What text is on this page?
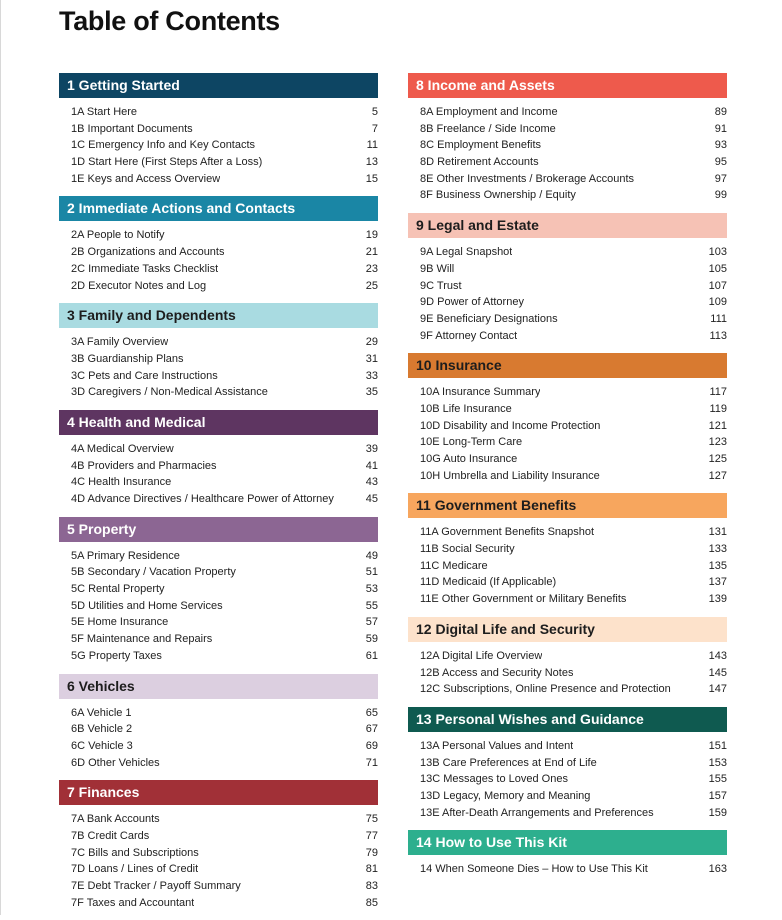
Table of Contents
1 Getting Started
1A Start Here	5
1B Important Documents	7
1C Emergency Info and Key Contacts	11
1D Start Here (First Steps After a Loss)	13
1E Keys and Access Overview	15
2 Immediate Actions and Contacts
2A People to Notify	19
2B Organizations and Accounts	21
2C Immediate Tasks Checklist	23
2D Executor Notes and Log	25
3 Family and Dependents
3A Family Overview	29
3B Guardianship Plans	31
3C Pets and Care Instructions	33
3D Caregivers / Non-Medical Assistance	35
4 Health and Medical
4A Medical Overview	39
4B Providers and Pharmacies	41
4C Health Insurance	43
4D Advance Directives / Healthcare Power of Attorney	45
5 Property
5A Primary Residence	49
5B Secondary / Vacation Property	51
5C Rental Property	53
5D Utilities and Home Services	55
5E Home Insurance	57
5F Maintenance and Repairs	59
5G Property Taxes	61
6 Vehicles
6A Vehicle 1	65
6B Vehicle 2	67
6C Vehicle 3	69
6D Other Vehicles	71
7 Finances
7A Bank Accounts	75
7B Credit Cards	77
7C Bills and Subscriptions	79
7D Loans / Lines of Credit	81
7E Debt Tracker / Payoff Summary	83
7F Taxes and Accountant	85
8 Income and Assets
8A Employment and Income	89
8B Freelance / Side Income	91
8C Employment Benefits	93
8D Retirement Accounts	95
8E Other Investments / Brokerage Accounts	97
8F Business Ownership / Equity	99
9 Legal and Estate
9A Legal Snapshot	103
9B Will	105
9C Trust	107
9D Power of Attorney	109
9E Beneficiary Designations	111
9F Attorney Contact	113
10 Insurance
10A Insurance Summary	117
10B Life Insurance	119
10D Disability and Income Protection	121
10E Long-Term Care	123
10G Auto Insurance	125
10H Umbrella and Liability Insurance	127
11 Government Benefits
11A Government Benefits Snapshot	131
11B Social Security	133
11C Medicare	135
11D Medicaid (If Applicable)	137
11E Other Government or Military Benefits	139
12 Digital Life and Security
12A Digital Life Overview	143
12B Access and Security Notes	145
12C Subscriptions, Online Presence and Protection	147
13 Personal Wishes and Guidance
13A Personal Values and Intent	151
13B Care Preferences at End of Life	153
13C Messages to Loved Ones	155
13D Legacy, Memory and Meaning	157
13E After-Death Arrangements and Preferences	159
14 How to Use This Kit
14 When Someone Dies – How to Use This Kit	163
